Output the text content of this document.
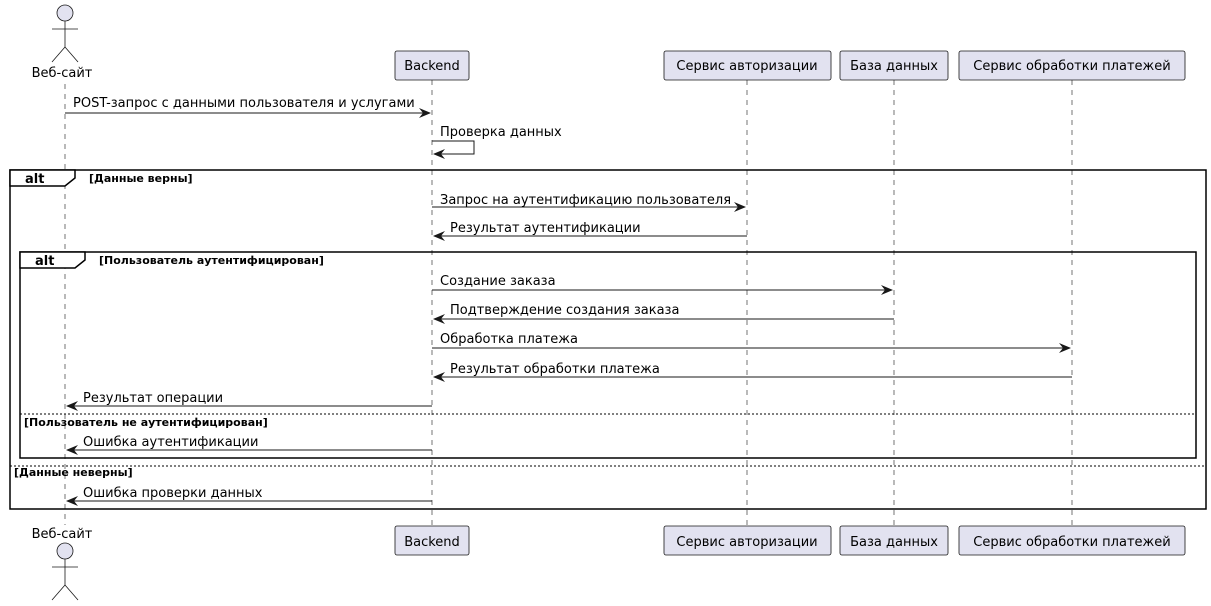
Веб-сайт	Backend	Сервис авторизации База данных	Сервис обработки платежей
POST-запрос с данными пользователя и услугами
Проверка данных
alt	[Данные верны]
[Данные неверны]
Запрос на аутентификацию пользователя
Результат аутентификации
alt	[Пользователь аутентифицирован]
[Пользователь не аутентифицирован]
Создание заказа
Подтверждение создания заказа
Обработка платежа
Результат обработки платежа
Результат операции
Ошибка аутентификации
Ошибка проверки данных
Backend	Сервис авторизации База данных	Сервис обработки платежей
Веб-сайт
